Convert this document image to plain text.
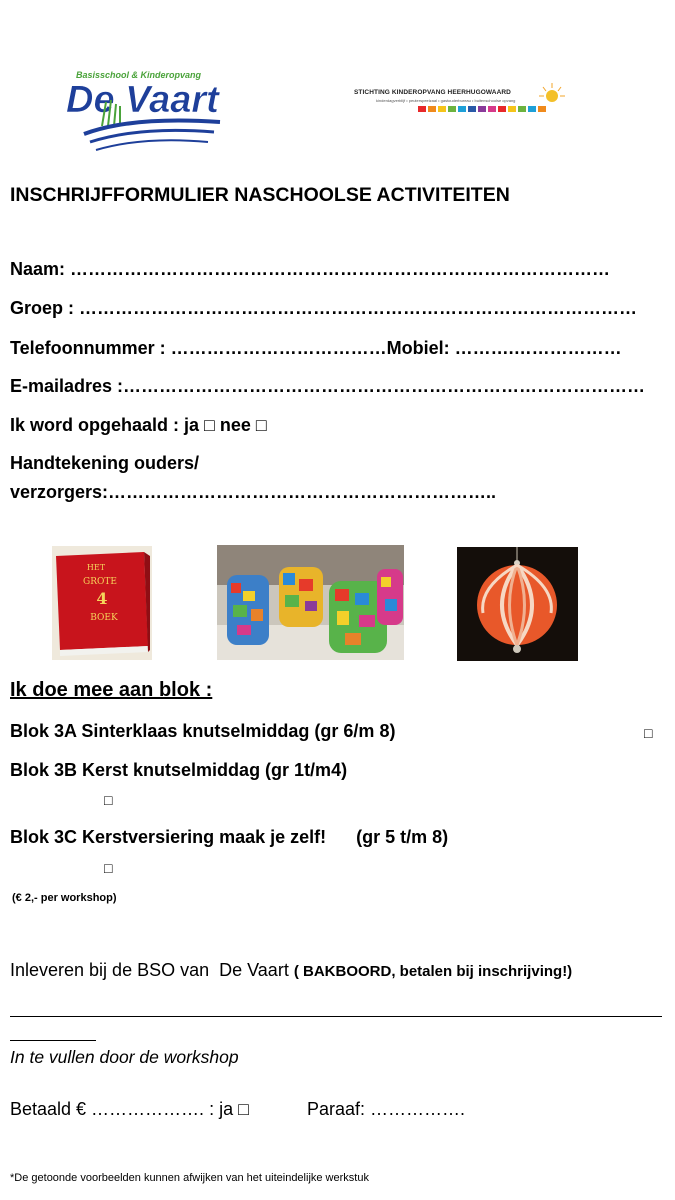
Basisschool & Kinderopvang
De Vaart	STICHTING KINDEROPVANG HEERHUGOWAARD
kinderdagverblijf • peuterspeelzaal • gastouderbureau • buitenschoolse opvang
INSCHRIJFFORMULIER NASCHOOLSE ACTIVITEITEN
Naam: ………………………………………………………………………………
Groep : …………………………………………………………………………………
Telefoonnummer : ………………………………Mobiel: ……….………………
E-mailadres :……………………………………………………………………………
Ik word opgehaald : ja □ nee □
Handtekening ouders/
verzorgers:………………………………………………………..
HET
GROTE
4
BOEK
Ik doe mee aan blok :
Blok 3A Sinterklaas knutselmiddag (gr 6/m 8)	□
Blok 3B Kerst knutselmiddag (gr 1t/m4)
□
Blok 3C Kerstversiering maak je zelf!      (gr 5 t/m 8)
□
(€ 2,- per workshop)
Inleveren bij de BSO van  De Vaart ( BAKBOORD, betalen bij inschrijving!)
In te vullen door de workshop
Betaald € ………………. : ja □	Paraaf: …………….
*De getoonde voorbeelden kunnen afwijken van het uiteindelijke werkstuk
